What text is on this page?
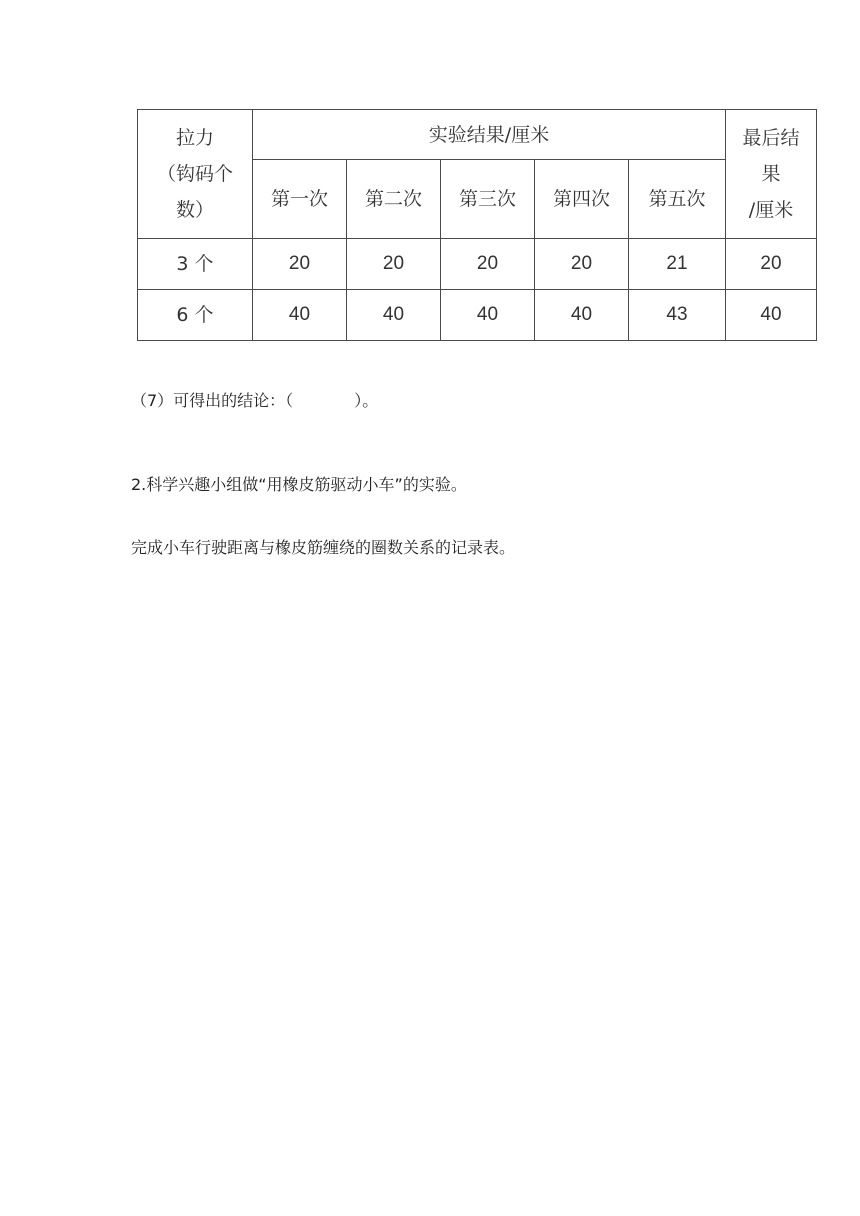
拉力
（钩码个
数）	实验结果/厘米					最后结
果
/厘米

	第一次	第二次	第三次	第四次	第五次	
3 个	20	20	20	20	21	20
6 个	40	40	40	40	43	40
（7）可得出的结论：（            ）。
2.科学兴趣小组做“用橡皮筋驱动小车”的实验。
完成小车行驶距离与橡皮筋缠绕的圈数关系的记录表。
